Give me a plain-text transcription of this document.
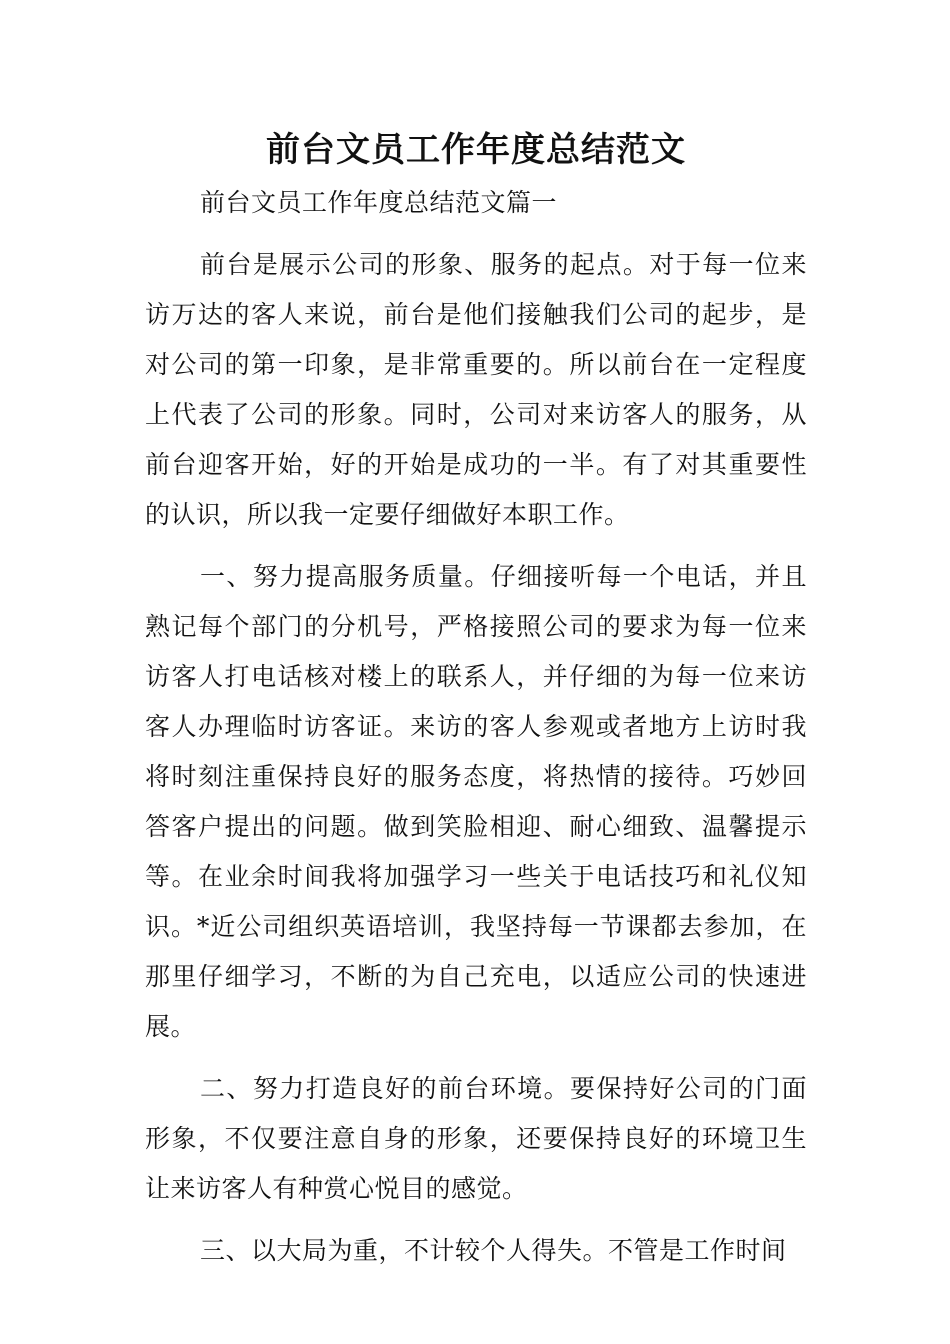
前台文员工作年度总结范文

前台文员工作年度总结范文篇一

前台是展示公司的形象、服务的起点。对于每一位来访万达的客人来说，前台是他们接触我们公司的起步，是对公司的第一印象，是非常重要的。所以前台在一定程度上代表了公司的形象。同时，公司对来访客人的服务，从前台迎客开始，好的开始是成功的一半。有了对其重要性的认识，所以我一定要仔细做好本职工作。

一、努力提高服务质量。仔细接听每一个电话，并且熟记每个部门的分机号，严格接照公司的要求为每一位来访客人打电话核对楼上的联系人，并仔细的为每一位来访客人办理临时访客证。来访的客人参观或者地方上访时我将时刻注重保持良好的服务态度，将热情的接待。巧妙回答客户提出的问题。做到笑脸相迎、耐心细致、温馨提示等。在业余时间我将加强学习一些关于电话技巧和礼仪知识。*近公司组织英语培训，我坚持每一节课都去参加，在那里仔细学习，不断的为自己充电，以适应公司的快速进展。

二、努力打造良好的前台环境。要保持好公司的门面形象，不仅要注意自身的形象，还要保持良好的环境卫生让来访客人有种赏心悦目的感觉。

三、以大局为重，不计较个人得失。不管是工作时间
